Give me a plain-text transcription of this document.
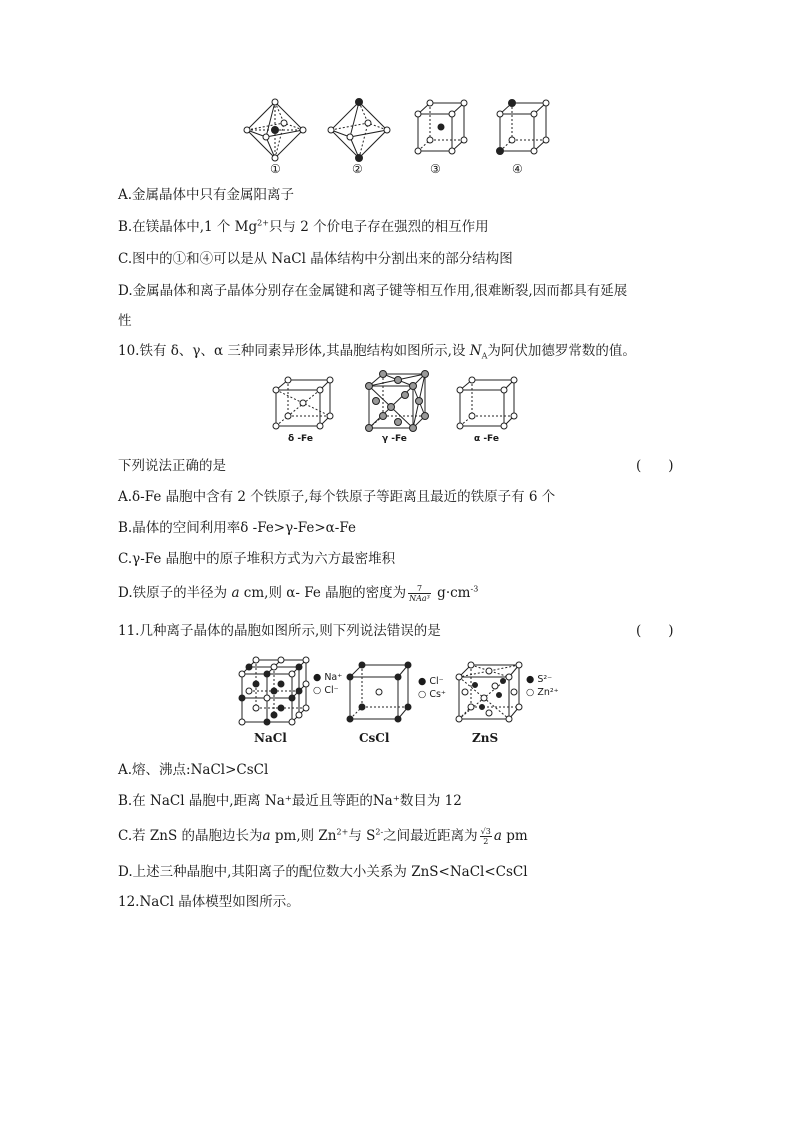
①	②	③	④
A.金属晶体中只有金属阳离子
B.在镁晶体中,1 个 $Mg^{2+}$只与 2 个价电子存在强烈的相互作用
C.图中的①和④可以是从 NaCl 晶体结构中分割出来的部分结构图
D.金属晶体和离子晶体分别存在金属键和离子键等相互作用,很难断裂,因而都具有延展
性
10.铁有 δ、γ、α 三种同素异形体,其晶胞结构如图所示,设 $N_A$为阿伏加德罗常数的值。
δ -Fe	γ -Fe	α -Fe
下列说法正确的是	(　　)
A.δ-Fe 晶胞中含有 2 个铁原子,每个铁原子等距离且最近的铁原子有 6 个
B.晶体的空间利用率δ -Fe>γ-Fe>α-Fe
C.γ-Fe 晶胞中的原子堆积方式为六方最密堆积
D.铁原子的半径为 a cm,则 α- Fe 晶胞的密度为 $\frac{7}{\text{NAa³}} g\cdot cm^{-3}$
11.几种离子晶体的晶胞如图所示,则下列说法错误的是	(　　)
● Na⁺
○ Cl⁻
● Cl⁻
○ Cs⁺
● S²⁻
○ Zn²⁺
NaCl	CsCl	ZnS
A.熔、沸点:NaCl>CsCl
B.在 NaCl 晶胞中,距离 Na⁺最近且等距的Na⁺数目为 12
C.若 ZnS 的晶胞边长为a pm,则 $Zn^{2+}$与 $S^{2-}$之间最近距离为 $\frac{√3}{2}$ a pm
D.上述三种晶胞中,其阳离子的配位数大小关系为 ZnS<NaCl<CsCl
12.NaCl 晶体模型如图所示。
